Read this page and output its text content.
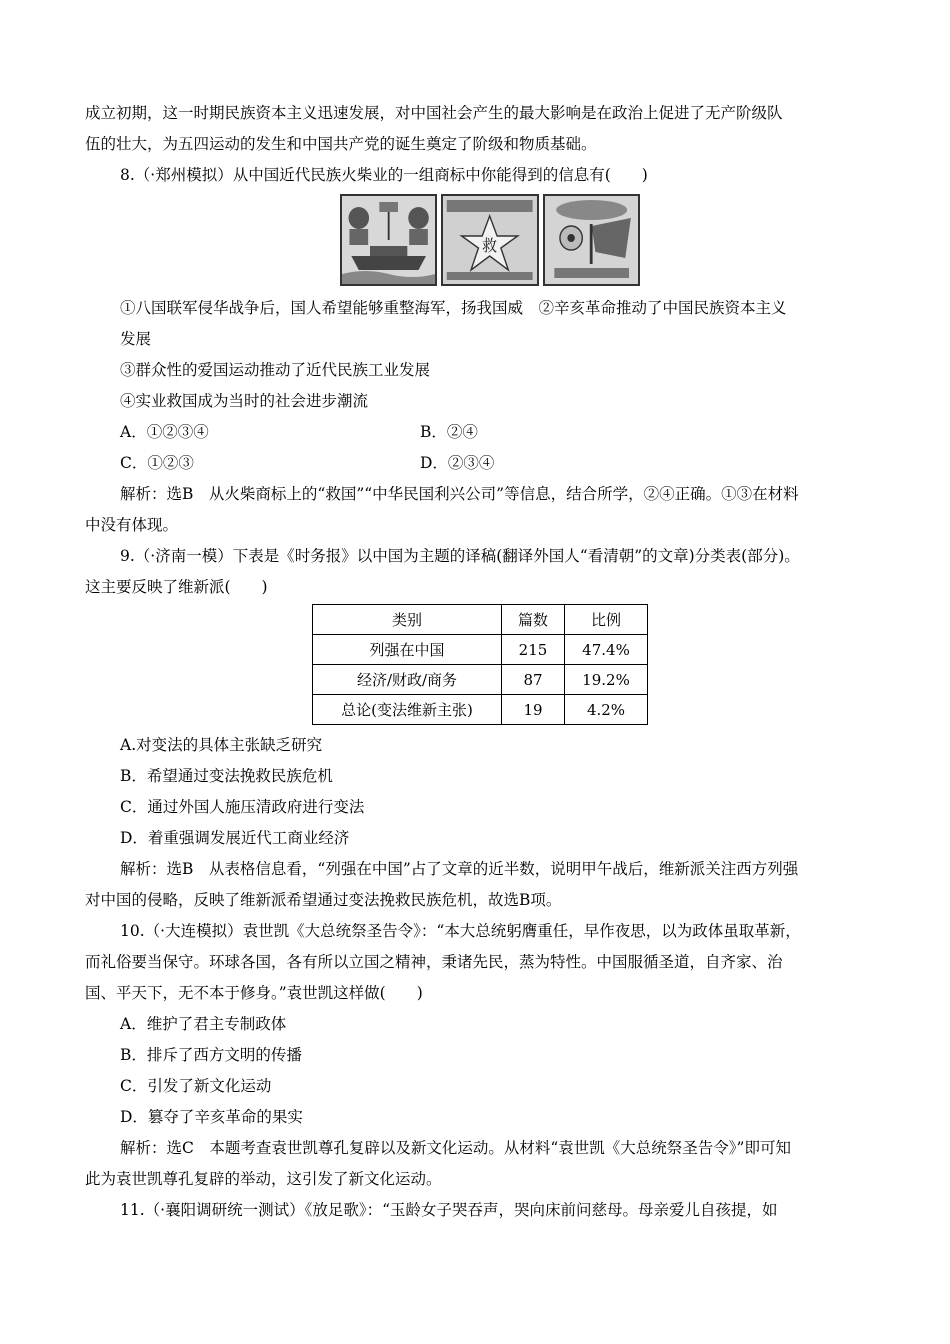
成立初期，这一时期民族资本主义迅速发展，对中国社会产生的最大影响是在政治上促进了无产阶级队
伍的壮大，为五四运动的发生和中国共产党的诞生奠定了阶级和物质基础。
8.（·郑州模拟）从中国近代民族火柴业的一组商标中你能得到的信息有(　　)
救
①八国联军侵华战争后，国人希望能够重整海军，扬我国威　②辛亥革命推动了中国民族资本主义
发展
③群众性的爱国运动推动了近代民族工业发展
④实业救国成为当时的社会进步潮流
A．①②③④	B．②④
C．①②③	D．②③④
解析：选B　从火柴商标上的“救国”“中华民国利兴公司”等信息，结合所学，②④正确。①③在材料
中没有体现。
9.（·济南一模）下表是《时务报》以中国为主题的译稿(翻译外国人“看清朝”的文章)分类表(部分)。
这主要反映了维新派(　　)
类别	篇数	比例
列强在中国	215	47.4%
经济/财政/商务	87	19.2%
总论(变法维新主张)	19	4.2%
A.对变法的具体主张缺乏研究
B．希望通过变法挽救民族危机
C．通过外国人施压清政府进行变法
D．着重强调发展近代工商业经济
解析：选B　从表格信息看，“列强在中国”占了文章的近半数，说明甲午战后，维新派关注西方列强
对中国的侵略，反映了维新派希望通过变法挽救民族危机，故选B项。
10.（·大连模拟）袁世凯《大总统祭圣告令》：“本大总统躬膺重任，早作夜思，以为政体虽取革新，
而礼俗要当保守。环球各国，各有所以立国之精神，秉诸先民，蒸为特性。中国服循圣道，自齐家、治
国、平天下，无不本于修身。”袁世凯这样做(　　)
A．维护了君主专制政体
B．排斥了西方文明的传播
C．引发了新文化运动
D．篡夺了辛亥革命的果实
解析：选C　本题考查袁世凯尊孔复辟以及新文化运动。从材料“袁世凯《大总统祭圣告令》”即可知
此为袁世凯尊孔复辟的举动，这引发了新文化运动。
11.（·襄阳调研统一测试）《放足歌》：“玉龄女子哭吞声，哭向床前问慈母。母亲爱儿自孩提，如
